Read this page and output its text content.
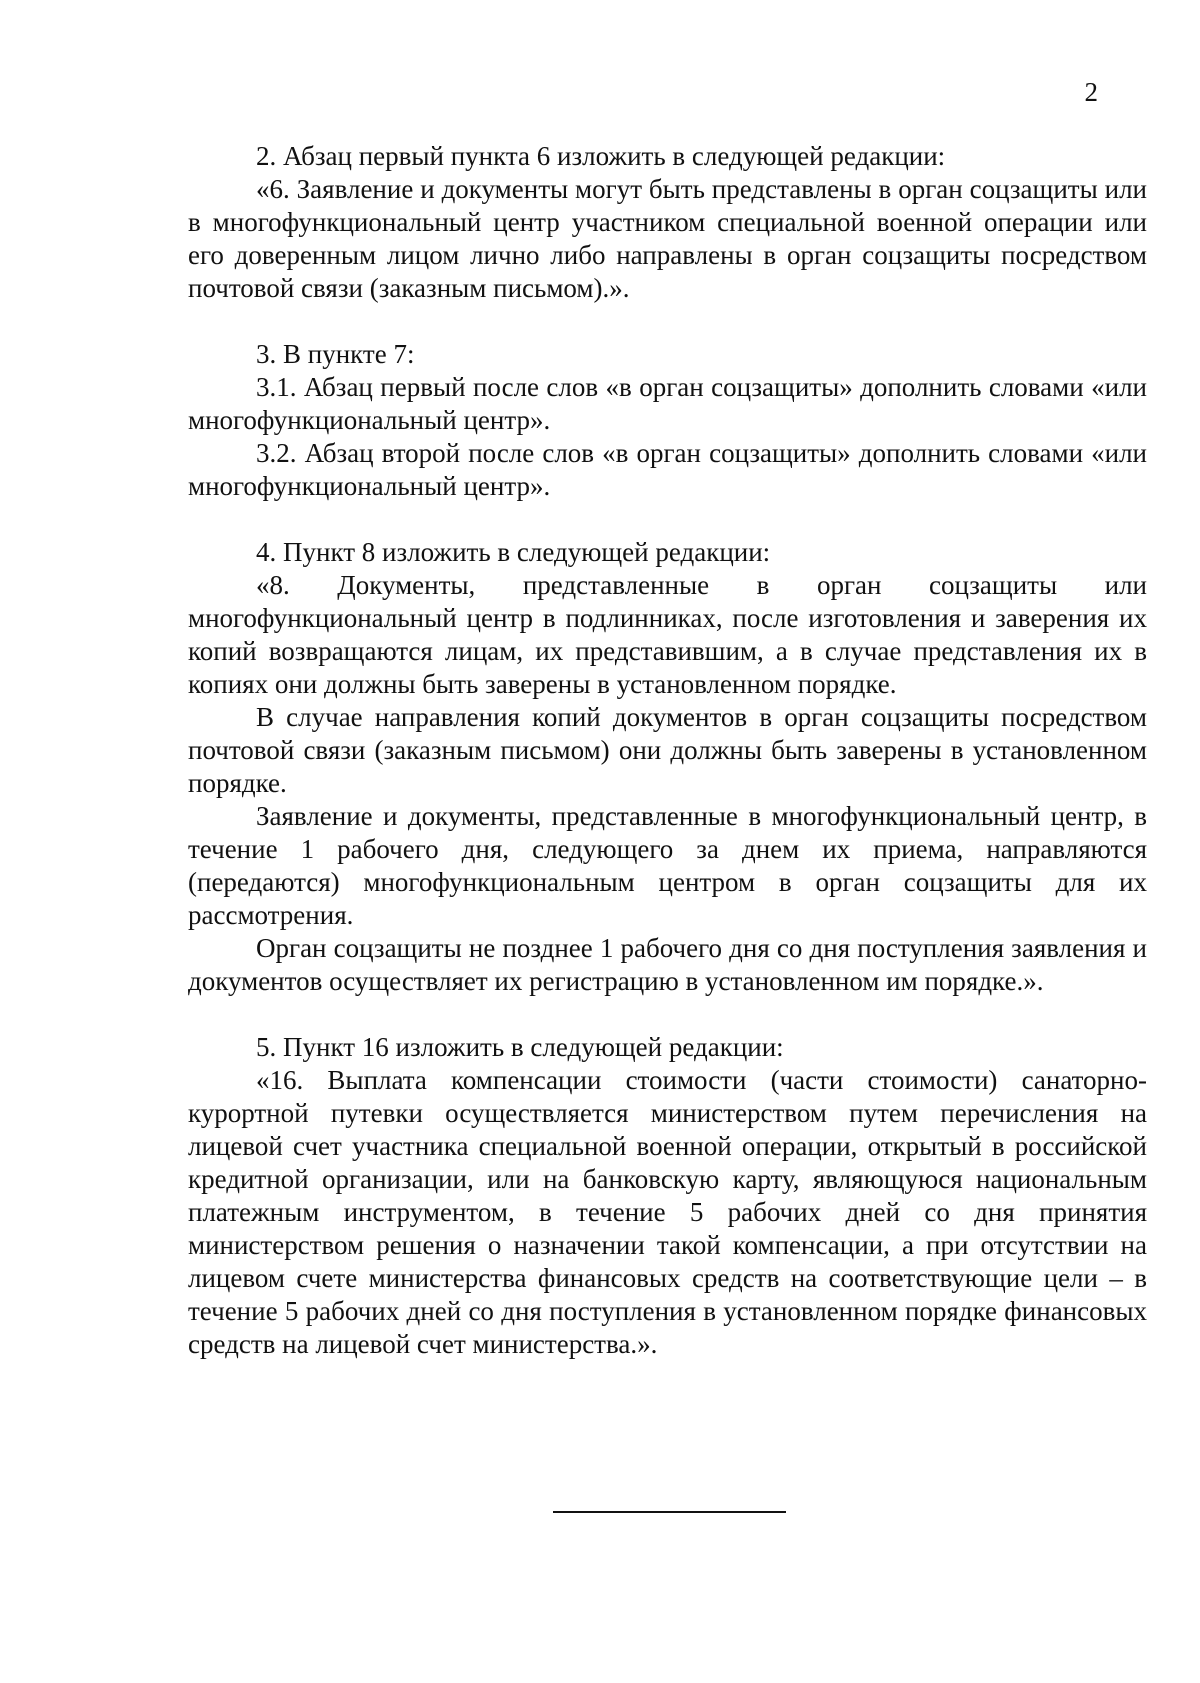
2

2. Абзац первый пункта 6 изложить в следующей редакции:

«6. Заявление и документы могут быть представлены в орган соцзащиты или в многофункциональный центр участником специальной военной операции или его доверенным лицом лично либо направлены в орган соцзащиты посредством почтовой связи (заказным письмом).».

3. В пункте 7:

3.1. Абзац первый после слов «в орган соцзащиты» дополнить словами «или многофункциональный центр».

3.2. Абзац второй после слов «в орган соцзащиты» дополнить словами «или многофункциональный центр».

4. Пункт 8 изложить в следующей редакции:

«8. Документы, представленные в орган соцзащиты или многофункциональный центр в подлинниках, после изготовления и заверения их копий возвращаются лицам, их представившим, а в случае представления их в копиях они должны быть заверены в установленном порядке.

В случае направления копий документов в орган соцзащиты посредством почтовой связи (заказным письмом) они должны быть заверены в установленном порядке.

Заявление и документы, представленные в многофункциональный центр, в течение 1 рабочего дня, следующего за днем их приема, направляются (передаются) многофункциональным центром в орган соцзащиты для их рассмотрения.

Орган соцзащиты не позднее 1 рабочего дня со дня поступления заявления и документов осуществляет их регистрацию в установленном им порядке.».

5. Пункт 16 изложить в следующей редакции:

«16. Выплата компенсации стоимости (части стоимости) санаторно-курортной путевки осуществляется министерством путем перечисления на лицевой счет участника специальной военной операции, открытый в российской кредитной организации, или на банковскую карту, являющуюся национальным платежным инструментом, в течение 5 рабочих дней со дня принятия министерством решения о назначении такой компенсации, а при отсутствии на лицевом счете министерства финансовых средств на соответствующие цели – в течение 5 рабочих дней со дня поступления в установленном порядке финансовых средств на лицевой счет министерства.».
